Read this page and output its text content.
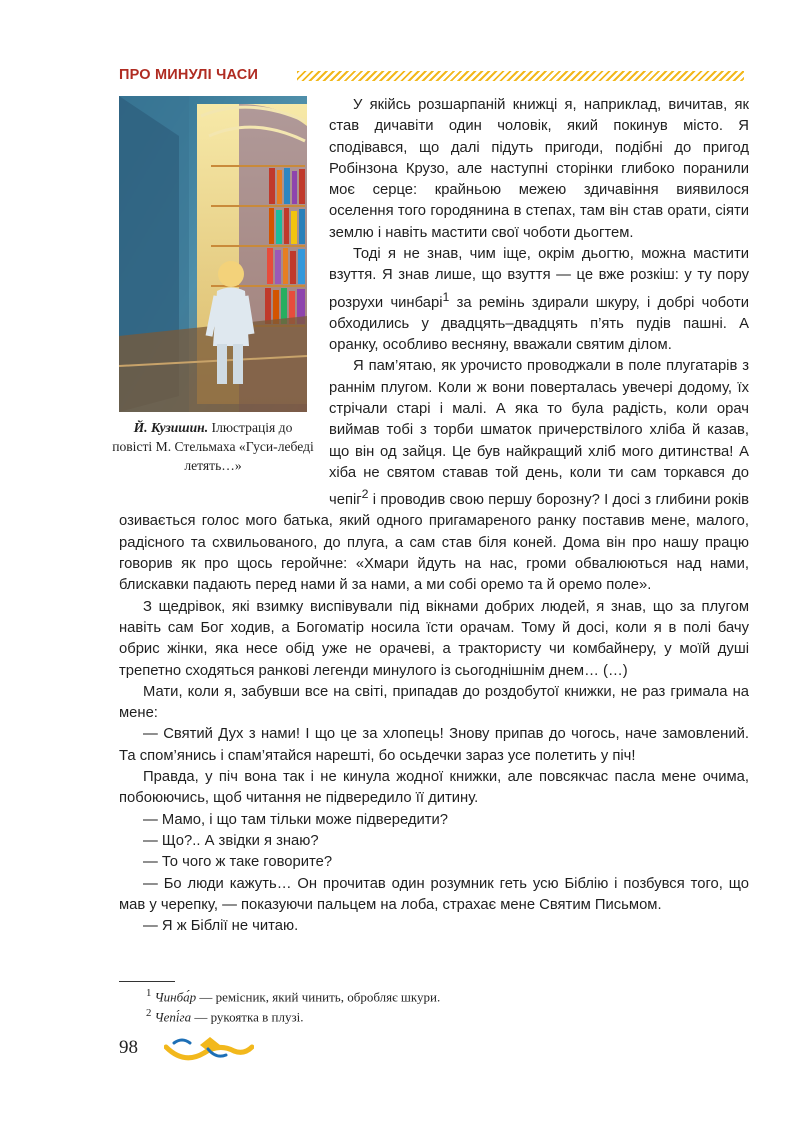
ПРО МИНУЛІ ЧАСИ

Й. Кузишин. Ілюстрація до повісті М. Стельмаха «Гуси-лебеді летять…»

У якійсь розшарпаній книжці я, наприклад, вичитав, як став дичавіти один чоловік, який покинув місто. Я сподівався, що далі підуть пригоди, подібні до пригод Робінзона Крузо, але наступні сторінки глибоко поранили моє серце: крайньою межею здичавіння виявилося оселення того городянина в степах, там він став орати, сіяти землю і навіть мастити свої чоботи дьогтем.

Тоді я не знав, чим іще, окрім дьогтю, можна мастити взуття. Я знав лише, що взуття — це вже розкіш: у ту пору розрухи чинбарі$^1$ за ремінь здирали шкуру, і добрі чоботи обходились у двадцять–двадцять п’ять пудів пашні. А оранку, особливо весняну, вважали святим ділом.

Я пам’ятаю, як урочисто проводжали в поле плугатарів з раннім плугом. Коли ж вони поверталась увечері додому, їх стрічали старі і малі. А яка то була радість, коли орач виймав тобі з торби шматок причерствілого хліба й казав, що він од зайця. Це був найкращий хліб мого дитинства! А хіба не святом ставав той день, коли ти сам торкався до чепіг$^2$ і проводив свою першу борозну? І досі з глибини років озивається голос мого батька, який одного пригамареного ранку поставив мене, малого, радісного та схвильованого, до плуга, а сам став біля коней. Дома він про нашу працю говорив як про щось геройчне: «Хмари йдуть на нас, громи обвалюються над нами, блискавки падають перед нами й за нами, а ми собі оремо та й оремо поле».

З щедрівок, які взимку виспівували під вікнами добрих людей, я знав, що за плугом навіть сам Бог ходив, а Богоматір носила їсти орачам. Тому й досі, коли я в полі бачу обрис жінки, яка несе обід уже не орачеві, а трактористу чи комбайнеру, у моїй душі трепетно сходяться ранкові легенди минулого із сьогоднішнім днем… (…)

Мати, коли я, забувши все на світі, припадав до роздобутої книжки, не раз гримала на мене:

— Святий Дух з нами! І що це за хлопець! Знову припав до чогось, наче замовлений. Та спом’янись і спам’ятайся нарешті, бо осьдечки зараз усе полетить у піч!

Правда, у піч вона так і не кинула жодної книжки, але повсякчас пасла мене очима, побоюючись, щоб читання не підвередило її дитину.

— Мамо, і що там тільки може підвередити?

— Що?.. А звідки я знаю?

— То чого ж таке говорите?

— Бо люди кажуть… Он прочитав один розумник геть усю Біблію і позбувся того, що мав у черепку, — показуючи пальцем на лоба, страхає мене Святим Письмом.

— Я ж Біблії не читаю.

$^1$ Чинба́р — ремісник, який чинить, обробляє шкури.
$^2$ Чепі́га — рукоятка в плузі.

98
